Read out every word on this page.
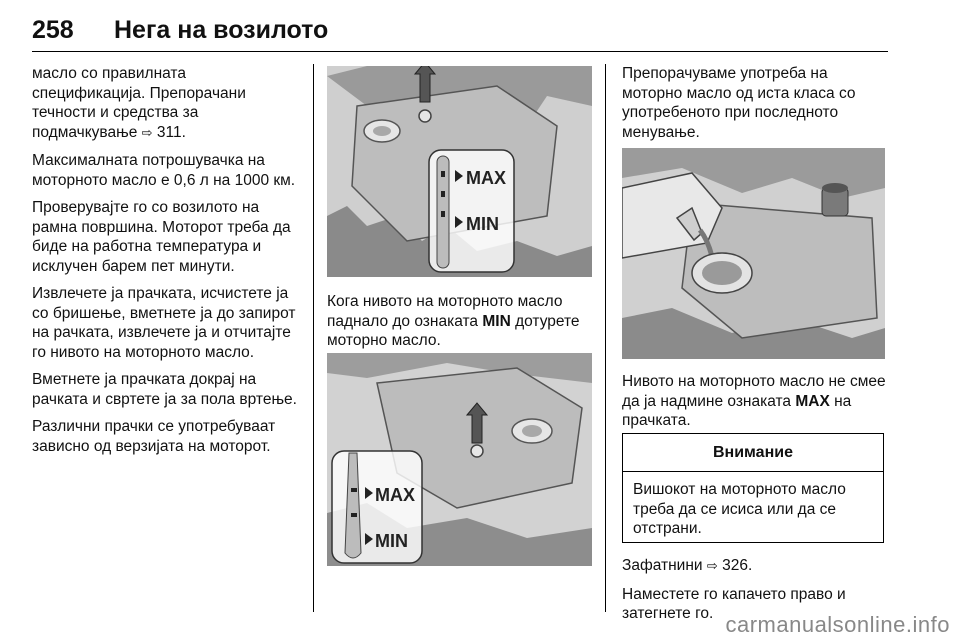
258 Нега на возилото

масло со правилната спецификација. Препорачани течности и средства за подмачкување ⇨ 311.

Максималната потрошувачка на моторното масло е 0,6 л на 1000 км.

Проверувајте го со возилото на рамна површина. Моторот треба да биде на работна температура и исклучен барем пет минути.

Извлечете ја прачката, исчистете ја со бришење, вметнете ја до запирот на рачката, извлечете ја и отчитајте го нивото на моторното масло.

Вметнете ја прачката докрај на рачката и свртете ја за пола вртење.

Различни прачки се употребуваат зависно од верзијата на моторот.

MAX
MIN

Кога нивото на моторното масло паднало до ознаката MIN дотурете моторно масло.

MAX
MIN

Препорачуваме употреба на моторно масло од иста класа со употребеното при последното менување.

Нивото на моторното масло не смее да ја надмине ознаката MAX на прачката.

Внимание
Вишокот на моторното масло треба да се исиса или да се отстрани.

Зафатнини ⇨ 326.

Наместете го капачето право и затегнете го. carmanualsonline.info
